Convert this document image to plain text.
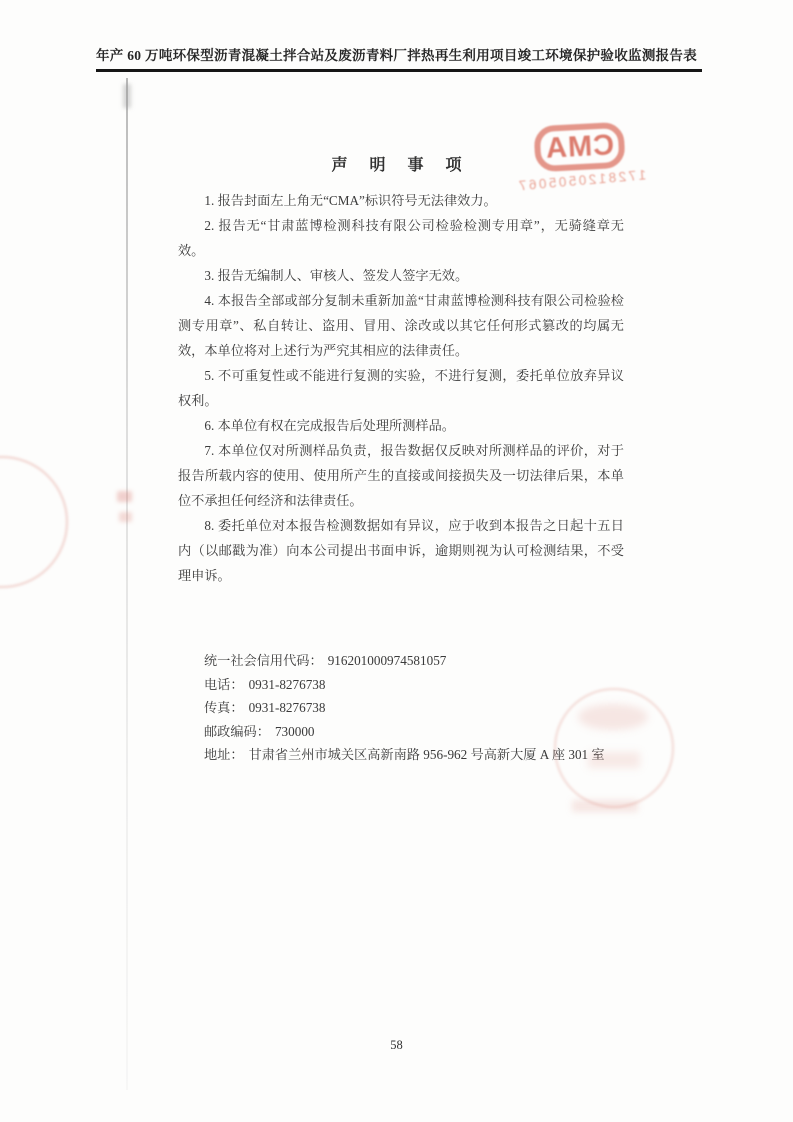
年产 60 万吨环保型沥青混凝土拌合站及废沥青料厂拌热再生利用项目竣工环境保护验收监测报告表
CMA
1728120505067
声 明 事 项

1. 报告封面左上角无“CMA”标识符号无法律效力。

2. 报告无“甘肃蓝博检测科技有限公司检验检测专用章”，无骑缝章无效。

3. 报告无编制人、审核人、签发人签字无效。

4. 本报告全部或部分复制未重新加盖“甘肃蓝博检测科技有限公司检验检测专用章”、私自转让、盗用、冒用、涂改或以其它任何形式篡改的均属无效，本单位将对上述行为严究其相应的法律责任。

5. 不可重复性或不能进行复测的实验，不进行复测，委托单位放弃异议权利。

6. 本单位有权在完成报告后处理所测样品。

7. 本单位仅对所测样品负责，报告数据仅反映对所测样品的评价，对于报告所载内容的使用、使用所产生的直接或间接损失及一切法律后果，本单位不承担任何经济和法律责任。

8. 委托单位对本报告检测数据如有异议，应于收到本报告之日起十五日内（以邮戳为准）向本公司提出书面申诉，逾期则视为认可检测结果，不受理申诉。

统一社会信用代码： 916201000974581057
电话： 0931-8276738
传真： 0931-8276738
邮政编码： 730000
地址： 甘肃省兰州市城关区高新南路 956-962 号高新大厦 A 座 301 室
58
